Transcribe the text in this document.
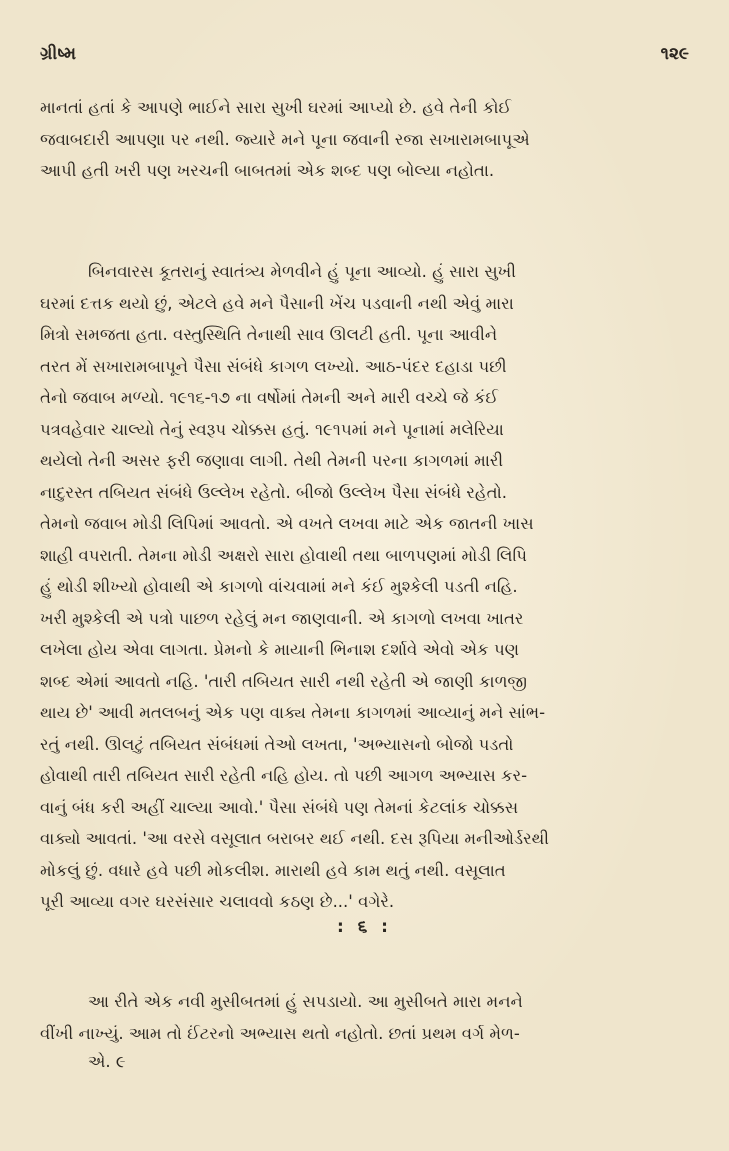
ગ્રીષ્મ	૧૨૯
માનતાં હતાં કે આપણે ભાઈને સારા સુખી ઘરમાં આપ્યો છે. હવે તેની કોઈ
જવાબદારી આપણા પર નથી. જ્યારે મને પૂના જવાની રજા સખારામબાપૂએ
આપી હતી ખરી પણ ખરચની બાબતમાં એક શબ્દ પણ બોલ્યા નહોતા.
બિનવારસ કૂતરાનું સ્વાતંત્ર્ય મેળવીને હું પૂના આવ્યો. હું સારા સુખી
ઘરમાં દત્તક થયો છું, એટલે હવે મને પૈસાની ખેંચ પડવાની નથી એવું મારા
મિત્રો સમજતા હતા. વસ્તુસ્થિતિ તેનાથી સાવ ઊલટી હતી. પૂના આવીને
તરત મેં સખારામબાપૂને પૈસા સંબંધે કાગળ લખ્યો. આઠ-પંદર દહાડા પછી
તેનો જવાબ મળ્યો. ૧૯૧૬-૧૭ ના વર્ષોમાં તેમની અને મારી વચ્ચે જે કંઈ
પત્રવહેવાર ચાલ્યો તેનું સ્વરૂપ ચોક્કસ હતું. ૧૯૧૫માં મને પૂનામાં મલેરિયા
થયેલો તેની અસર ફરી જણાવા લાગી. તેથી તેમની પરના કાગળમાં મારી
નાદુરસ્ત તબિયત સંબંધે ઉલ્લેખ રહેતો. બીજો ઉલ્લેખ પૈસા સંબંધે રહેતો.
તેમનો જવાબ મોડી લિપિમાં આવતો. એ વખતે લખવા માટે એક જાતની ખાસ
શાહી વપરાતી. તેમના મોડી અક્ષરો સારા હોવાથી તથા બાળપણમાં મોડી લિપિ
હું થોડી શીખ્યો હોવાથી એ કાગળો વાંચવામાં મને કંઈ મુશ્કેલી પડતી નહિ.
ખરી મુશ્કેલી એ પત્રો પાછળ રહેલું મન જાણવાની. એ કાગળો લખવા ખાતર
લખેલા હોય એવા લાગતા. પ્રેમનો કે માયાની ભિનાશ દર્શાવે એવો એક પણ
શબ્દ એમાં આવતો નહિ. 'તારી તબિયત સારી નથી રહેતી એ જાણી કાળજી
થાય છે' આવી મતલબનું એક પણ વાક્ય તેમના કાગળમાં આવ્યાનું મને સાંભ-
રતું નથી. ઊલટું તબિયત સંબંધમાં તેઓ લખતા, 'અભ્યાસનો બોજો પડતો
હોવાથી તારી તબિયત સારી રહેતી નહિ હોય. તો પછી આગળ અભ્યાસ કર-
વાનું બંધ કરી અહીં ચાલ્યા આવો.' પૈસા સંબંધે પણ તેમનાં કેટલાંક ચોક્કસ
વાક્યો આવતાં. 'આ વરસે વસૂલાત બરાબર થઈ નથી. દસ રૂપિયા મનીઓર્ડરથી
મોકલું છું. વધારે હવે પછી મોકલીશ. મારાથી હવે કામ થતું નથી. વસૂલાત
પૂરી આવ્યા વગર ઘરસંસાર ચલાવવો કઠણ છે...' વગેરે.
: ૬ :
આ રીતે એક નવી મુસીબતમાં હું સપડાયો. આ મુસીબતે મારા મનને
વીંખી નાખ્યું. આમ તો ઈંટરનો અભ્યાસ થતો નહોતો. છતાં પ્રથમ વર્ગ મેળ-
એ. ૯
